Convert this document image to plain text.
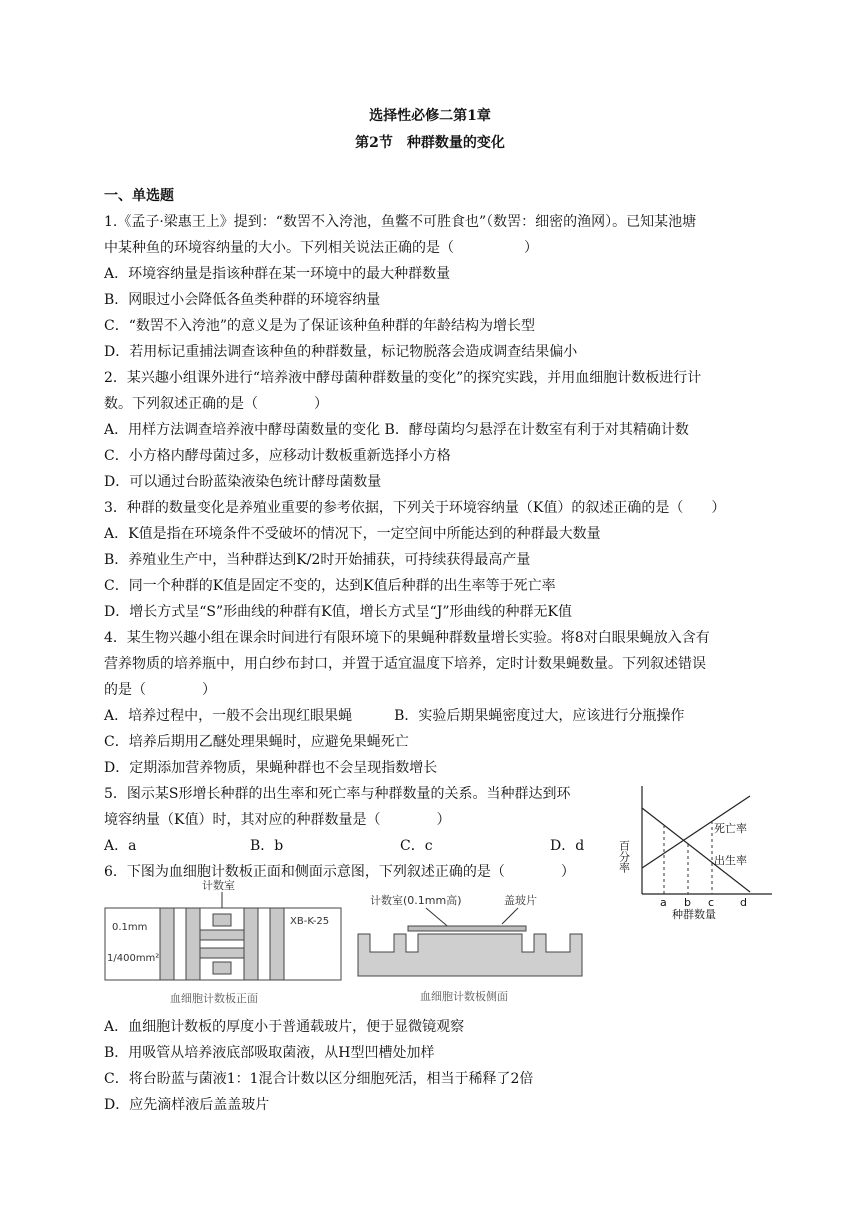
选择性必修二第1章
第2节　种群数量的变化
一、单选题
1.《孟子·梁惠王上》提到：“数罟不入洿池，鱼鳖不可胜食也”（数罟：细密的渔网）。已知某池塘
中某种鱼的环境容纳量的大小。下列相关说法正确的是（　　　　　）
A．环境容纳量是指该种群在某一环境中的最大种群数量
B．网眼过小会降低各鱼类种群的环境容纳量
C．“数罟不入洿池”的意义是为了保证该种鱼种群的年龄结构为增长型
D．若用标记重捕法调查该种鱼的种群数量，标记物脱落会造成调查结果偏小
2．某兴趣小组课外进行“培养液中酵母菌种群数量的变化”的探究实践，并用血细胞计数板进行计
数。下列叙述正确的是（　　　　）
A．用样方法调查培养液中酵母菌数量的变化 B．酵母菌均匀悬浮在计数室有利于对其精确计数
C．小方格内酵母菌过多，应移动计数板重新选择小方格
D．可以通过台盼蓝染液染色统计酵母菌数量
3．种群的数量变化是养殖业重要的参考依据，下列关于环境容纳量（K值）的叙述正确的是（　　）
A．K值是指在环境条件不受破坏的情况下，一定空间中所能达到的种群最大数量
B．养殖业生产中，当种群达到K/2时开始捕获，可持续获得最高产量
C．同一个种群的K值是固定不变的，达到K值后种群的出生率等于死亡率
D．增长方式呈“S”形曲线的种群有K值，增长方式呈“J”形曲线的种群无K值
4．某生物兴趣小组在课余时间进行有限环境下的果蝇种群数量增长实验。将8对白眼果蝇放入含有
营养物质的培养瓶中，用白纱布封口，并置于适宜温度下培养，定时计数果蝇数量。下列叙述错误
的是（　　　　）
A．培养过程中，一般不会出现红眼果蝇　　　B．实验后期果蝇密度过大，应该进行分瓶操作
C．培养后期用乙醚处理果蝇时，应避免果蝇死亡
D．定期添加营养物质，果蝇种群也不会呈现指数增长
5．图示某S形增长种群的出生率和死亡率与种群数量的关系。当种群达到环
境容纳量（K值）时，其对应的种群数量是（　　　　）
A．a	B．b	C．c	D．d
6．下图为血细胞计数板正面和侧面示意图，下列叙述正确的是（　　　　）	百分率
死亡率
出生率
a b c d
种群数量
计数室
0.1mm
1/400mm²
XB-K-25
血细胞计数板正面
计数室(0.1mm高)	盖玻片
血细胞计数板侧面
A．血细胞计数板的厚度小于普通载玻片，便于显微镜观察
B．用吸管从培养液底部吸取菌液，从H型凹槽处加样
C．将台盼蓝与菌液1：1混合计数以区分细胞死活，相当于稀释了2倍
D．应先滴样液后盖盖玻片
